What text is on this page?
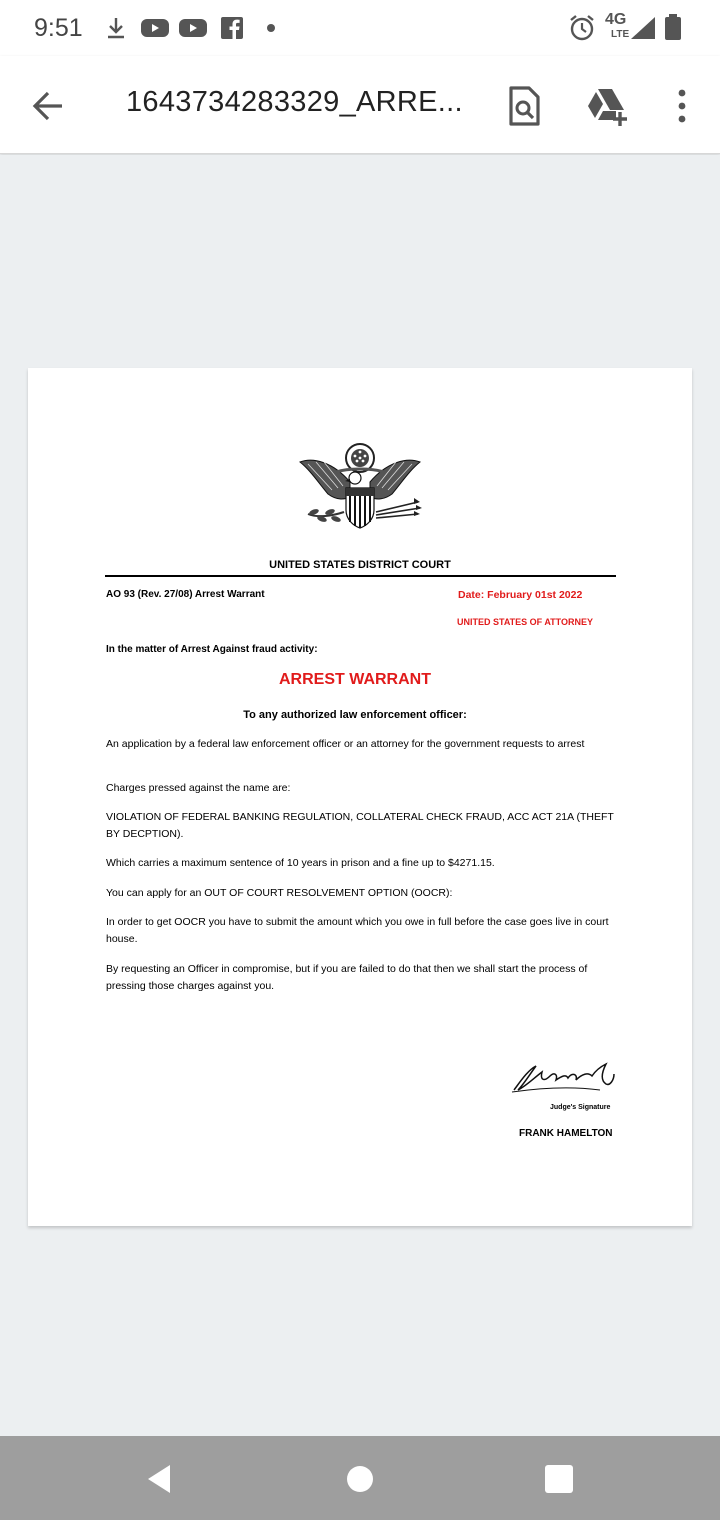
9:51	4G
LTE
1643734283329_ARRE...
UNITED STATES DISTRICT COURT
AO 93 (Rev. 27/08) Arrest Warrant	Date: February 01st 2022
UNITED STATES OF ATTORNEY
In the matter of Arrest Against fraud activity:
ARREST WARRANT
To any authorized law enforcement officer:
An application by a federal law enforcement officer or an attorney for the government requests to arrest
Charges pressed against the name are:
VIOLATION OF FEDERAL BANKING REGULATION, COLLATERAL CHECK FRAUD, ACC ACT 21A (THEFT BY DECPTION).
Which carries a maximum sentence of 10 years in prison and a fine up to $4271.15.
You can apply for an OUT OF COURT RESOLVEMENT OPTION (OOCR):
In order to get OOCR you have to submit the amount which you owe in full before the case goes live in court house.
By requesting an Officer in compromise, but if you are failed to do that then we shall start the process of pressing those charges against you.
Judge's Signature
FRANK HAMELTON
